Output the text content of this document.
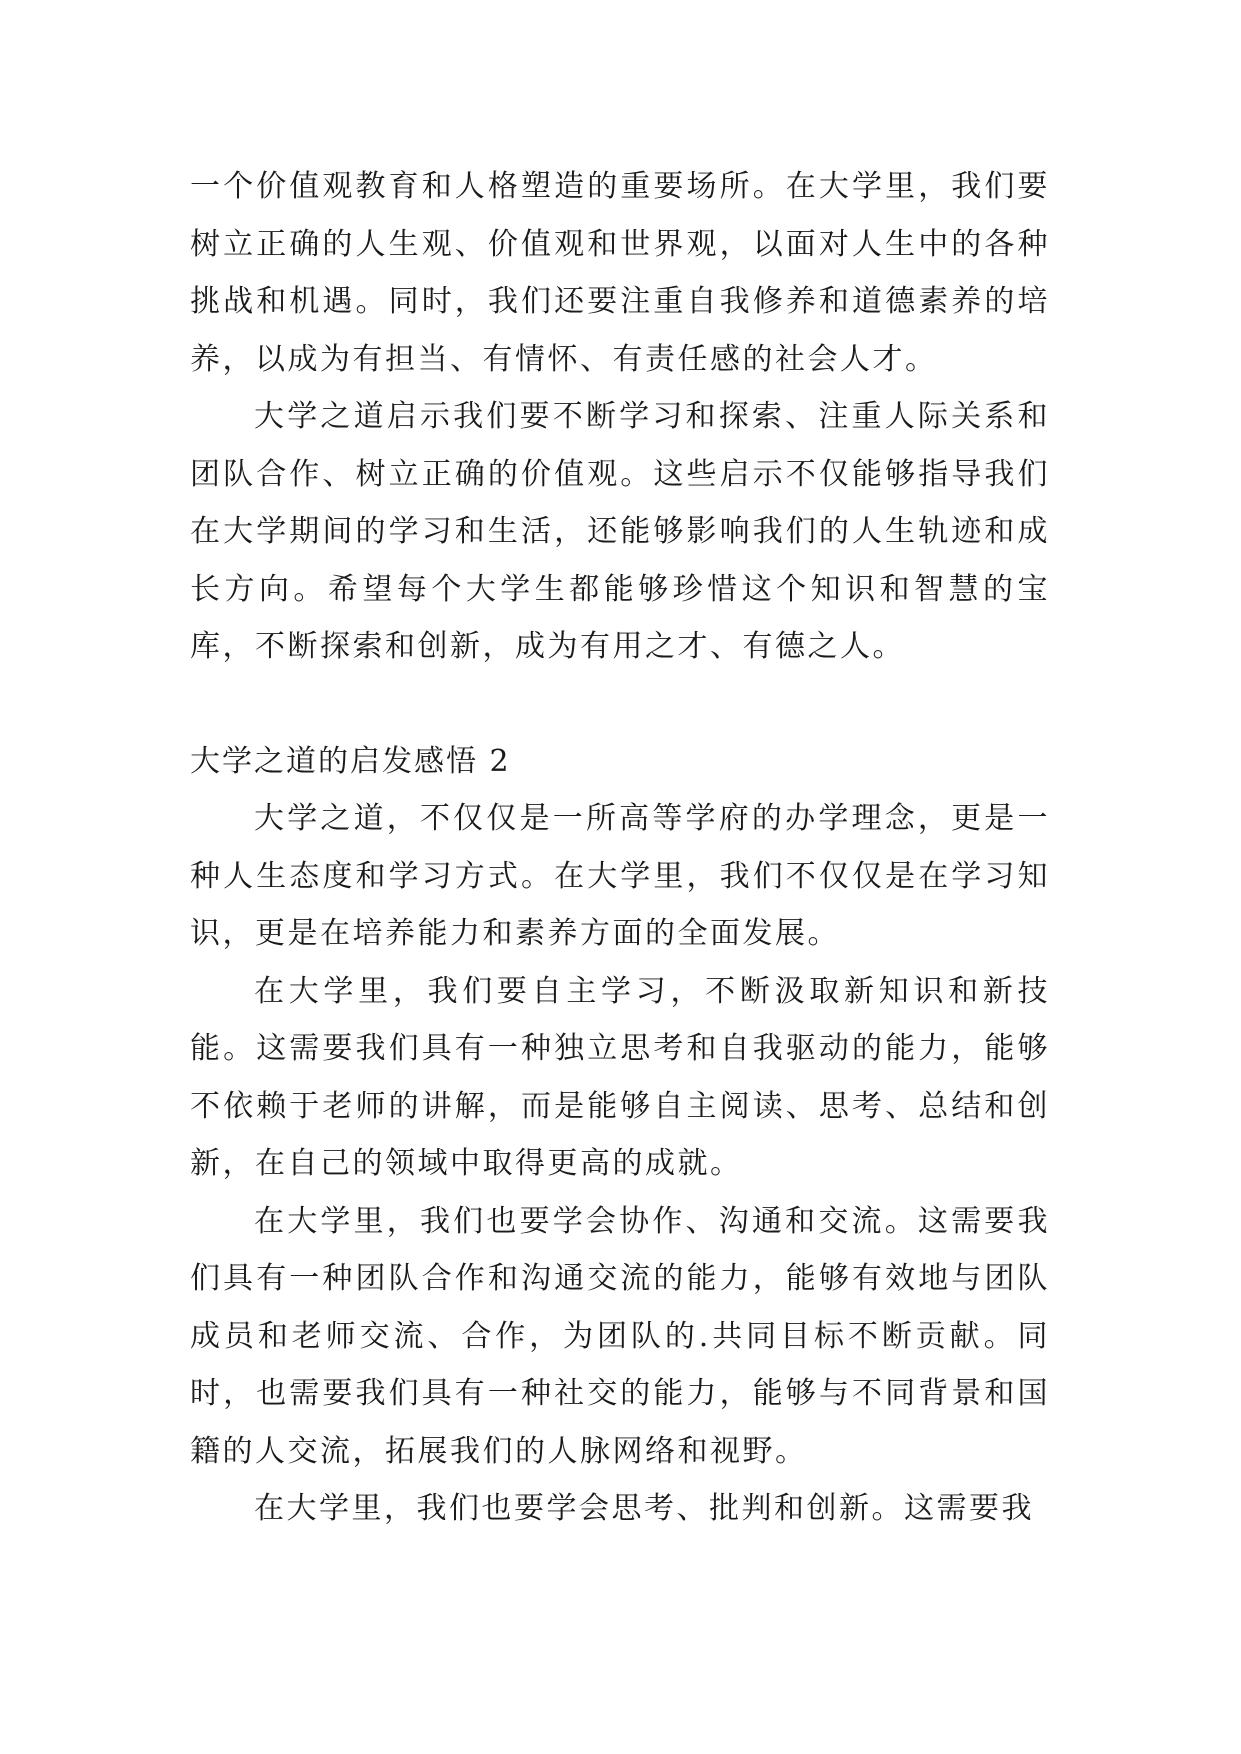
一个价值观教育和人格塑造的重要场所。在大学里，我们要树立正确的人生观、价值观和世界观，以面对人生中的各种挑战和机遇。同时，我们还要注重自我修养和道德素养的培养，以成为有担当、有情怀、有责任感的社会人才。

大学之道启示我们要不断学习和探索、注重人际关系和团队合作、树立正确的价值观。这些启示不仅能够指导我们在大学期间的学习和生活，还能够影响我们的人生轨迹和成长方向。希望每个大学生都能够珍惜这个知识和智慧的宝库，不断探索和创新，成为有用之才、有德之人。

大学之道的启发感悟 2

大学之道，不仅仅是一所高等学府的办学理念，更是一种人生态度和学习方式。在大学里，我们不仅仅是在学习知识，更是在培养能力和素养方面的全面发展。

在大学里，我们要自主学习，不断汲取新知识和新技能。这需要我们具有一种独立思考和自我驱动的能力，能够不依赖于老师的讲解，而是能够自主阅读、思考、总结和创新，在自己的领域中取得更高的成就。

在大学里，我们也要学会协作、沟通和交流。这需要我们具有一种团队合作和沟通交流的能力，能够有效地与团队成员和老师交流、合作，为团队的.共同目标不断贡献。同时，也需要我们具有一种社交的能力，能够与不同背景和国籍的人交流，拓展我们的人脉网络和视野。

在大学里，我们也要学会思考、批判和创新。这需要我
